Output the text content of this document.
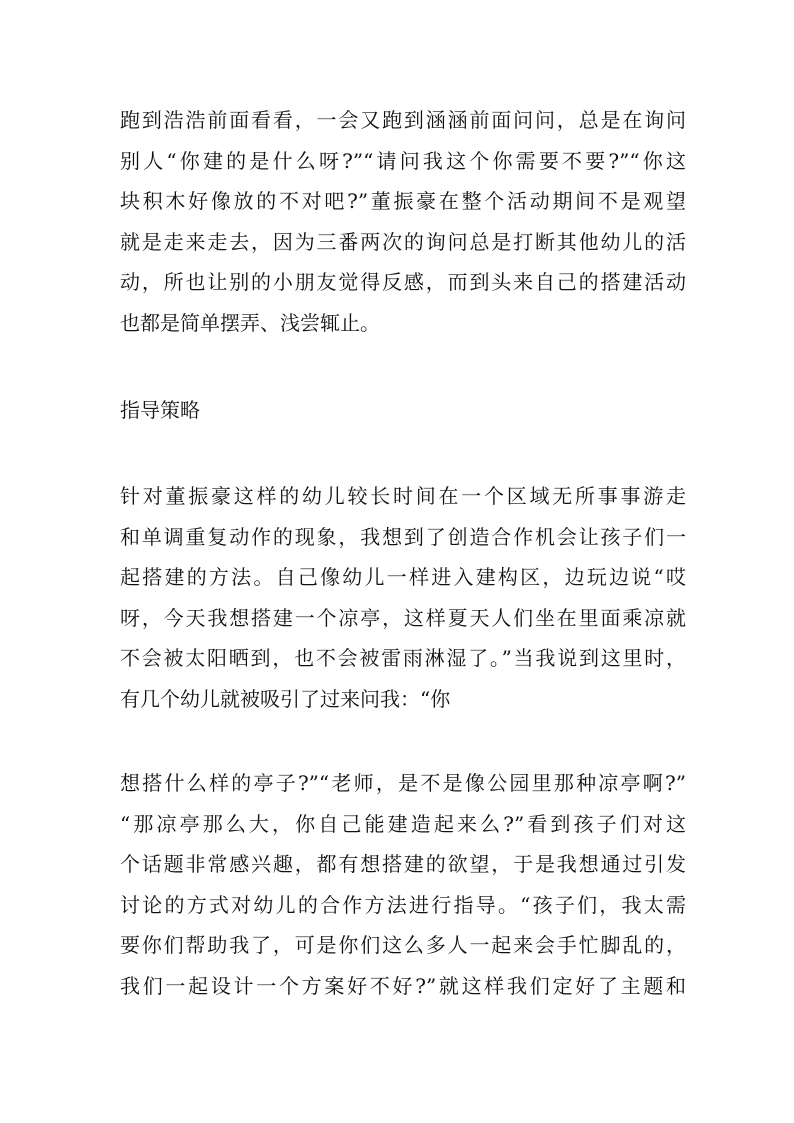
跑到浩浩前面看看，一会又跑到涵涵前面问问，总是在询问
别人“你建的是什么呀?”“请问我这个你需要不要?”“你这
块积木好像放的不对吧?”董振豪在整个活动期间不是观望
就是走来走去，因为三番两次的询问总是打断其他幼儿的活
动，所也让别的小朋友觉得反感，而到头来自己的搭建活动
也都是简单摆弄、浅尝辄止。
指导策略
针对董振豪这样的幼儿较长时间在一个区域无所事事游走
和单调重复动作的现象，我想到了创造合作机会让孩子们一
起搭建的方法。自己像幼儿一样进入建构区，边玩边说“哎
呀，今天我想搭建一个凉亭，这样夏天人们坐在里面乘凉就
不会被太阳晒到，也不会被雷雨淋湿了。”当我说到这里时，
有几个幼儿就被吸引了过来问我：“你
想搭什么样的亭子?”“老师，是不是像公园里那种凉亭啊?”
“那凉亭那么大，你自己能建造起来么?”看到孩子们对这
个话题非常感兴趣，都有想搭建的欲望，于是我想通过引发
讨论的方式对幼儿的合作方法进行指导。“孩子们，我太需
要你们帮助我了，可是你们这么多人一起来会手忙脚乱的，
我们一起设计一个方案好不好?”就这样我们定好了主题和
